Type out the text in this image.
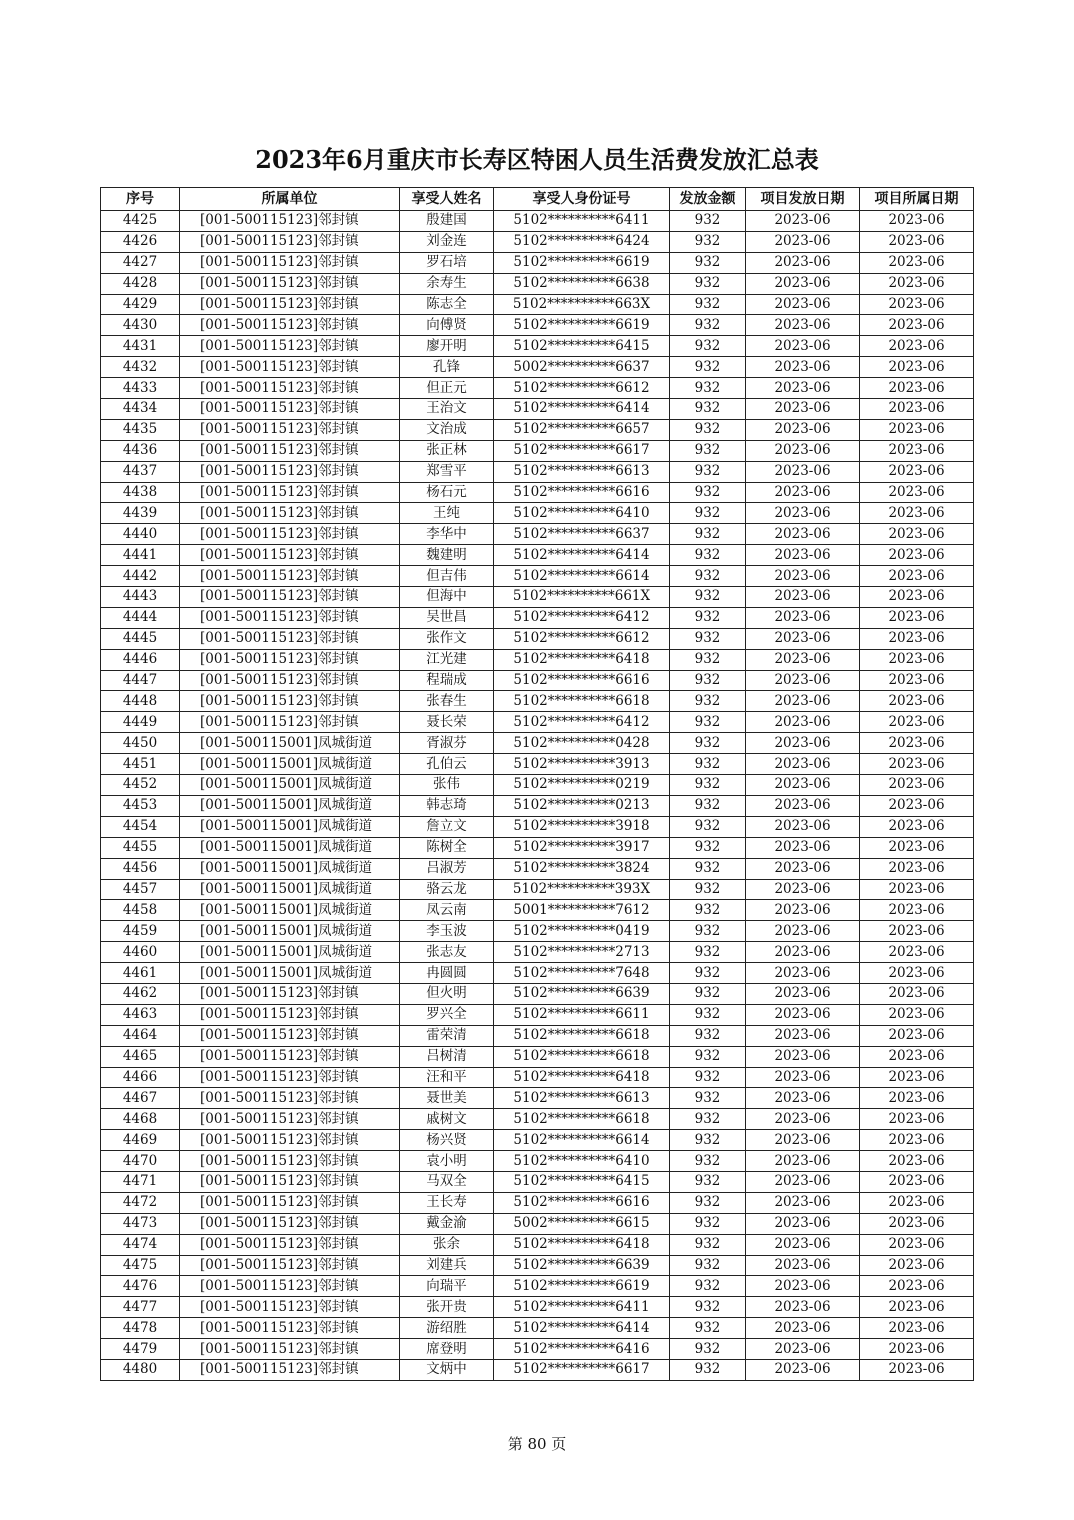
2023年6月重庆市长寿区特困人员生活费发放汇总表
序号	所属单位	享受人姓名	享受人身份证号	发放金额	项目发放日期	项目所属日期
4425	[001-500115123]邻封镇	殷建国	5102**********6411	932	2023-06	2023-06
4426	[001-500115123]邻封镇	刘金连	5102**********6424	932	2023-06	2023-06
4427	[001-500115123]邻封镇	罗石培	5102**********6619	932	2023-06	2023-06
4428	[001-500115123]邻封镇	余寿生	5102**********6638	932	2023-06	2023-06
4429	[001-500115123]邻封镇	陈志全	5102**********663X	932	2023-06	2023-06
4430	[001-500115123]邻封镇	向傅贤	5102**********6619	932	2023-06	2023-06
4431	[001-500115123]邻封镇	廖开明	5102**********6415	932	2023-06	2023-06
4432	[001-500115123]邻封镇	孔锋	5002**********6637	932	2023-06	2023-06
4433	[001-500115123]邻封镇	但正元	5102**********6612	932	2023-06	2023-06
4434	[001-500115123]邻封镇	王治文	5102**********6414	932	2023-06	2023-06
4435	[001-500115123]邻封镇	文治成	5102**********6657	932	2023-06	2023-06
4436	[001-500115123]邻封镇	张正林	5102**********6617	932	2023-06	2023-06
4437	[001-500115123]邻封镇	郑雪平	5102**********6613	932	2023-06	2023-06
4438	[001-500115123]邻封镇	杨石元	5102**********6616	932	2023-06	2023-06
4439	[001-500115123]邻封镇	王纯	5102**********6410	932	2023-06	2023-06
4440	[001-500115123]邻封镇	李华中	5102**********6637	932	2023-06	2023-06
4441	[001-500115123]邻封镇	魏建明	5102**********6414	932	2023-06	2023-06
4442	[001-500115123]邻封镇	但吉伟	5102**********6614	932	2023-06	2023-06
4443	[001-500115123]邻封镇	但海中	5102**********661X	932	2023-06	2023-06
4444	[001-500115123]邻封镇	吴世昌	5102**********6412	932	2023-06	2023-06
4445	[001-500115123]邻封镇	张作文	5102**********6612	932	2023-06	2023-06
4446	[001-500115123]邻封镇	江光建	5102**********6418	932	2023-06	2023-06
4447	[001-500115123]邻封镇	程瑞成	5102**********6616	932	2023-06	2023-06
4448	[001-500115123]邻封镇	张春生	5102**********6618	932	2023-06	2023-06
4449	[001-500115123]邻封镇	聂长荣	5102**********6412	932	2023-06	2023-06
4450	[001-500115001]凤城街道	胥淑芬	5102**********0428	932	2023-06	2023-06
4451	[001-500115001]凤城街道	孔伯云	5102**********3913	932	2023-06	2023-06
4452	[001-500115001]凤城街道	张伟	5102**********0219	932	2023-06	2023-06
4453	[001-500115001]凤城街道	韩志琦	5102**********0213	932	2023-06	2023-06
4454	[001-500115001]凤城街道	詹立文	5102**********3918	932	2023-06	2023-06
4455	[001-500115001]凤城街道	陈树全	5102**********3917	932	2023-06	2023-06
4456	[001-500115001]凤城街道	吕淑芳	5102**********3824	932	2023-06	2023-06
4457	[001-500115001]凤城街道	骆云龙	5102**********393X	932	2023-06	2023-06
4458	[001-500115001]凤城街道	凤云南	5001**********7612	932	2023-06	2023-06
4459	[001-500115001]凤城街道	李玉波	5102**********0419	932	2023-06	2023-06
4460	[001-500115001]凤城街道	张志友	5102**********2713	932	2023-06	2023-06
4461	[001-500115001]凤城街道	冉圆圆	5102**********7648	932	2023-06	2023-06
4462	[001-500115123]邻封镇	但火明	5102**********6639	932	2023-06	2023-06
4463	[001-500115123]邻封镇	罗兴全	5102**********6611	932	2023-06	2023-06
4464	[001-500115123]邻封镇	雷荣清	5102**********6618	932	2023-06	2023-06
4465	[001-500115123]邻封镇	吕树清	5102**********6618	932	2023-06	2023-06
4466	[001-500115123]邻封镇	汪和平	5102**********6418	932	2023-06	2023-06
4467	[001-500115123]邻封镇	聂世美	5102**********6613	932	2023-06	2023-06
4468	[001-500115123]邻封镇	戚树文	5102**********6618	932	2023-06	2023-06
4469	[001-500115123]邻封镇	杨兴贤	5102**********6614	932	2023-06	2023-06
4470	[001-500115123]邻封镇	袁小明	5102**********6410	932	2023-06	2023-06
4471	[001-500115123]邻封镇	马双全	5102**********6415	932	2023-06	2023-06
4472	[001-500115123]邻封镇	王长寿	5102**********6616	932	2023-06	2023-06
4473	[001-500115123]邻封镇	戴金渝	5002**********6615	932	2023-06	2023-06
4474	[001-500115123]邻封镇	张余	5102**********6418	932	2023-06	2023-06
4475	[001-500115123]邻封镇	刘建兵	5102**********6639	932	2023-06	2023-06
4476	[001-500115123]邻封镇	向瑞平	5102**********6619	932	2023-06	2023-06
4477	[001-500115123]邻封镇	张开贵	5102**********6411	932	2023-06	2023-06
4478	[001-500115123]邻封镇	游绍胜	5102**********6414	932	2023-06	2023-06
4479	[001-500115123]邻封镇	席登明	5102**********6416	932	2023-06	2023-06
4480	[001-500115123]邻封镇	文炳中	5102**********6617	932	2023-06	2023-06
第 80 页
